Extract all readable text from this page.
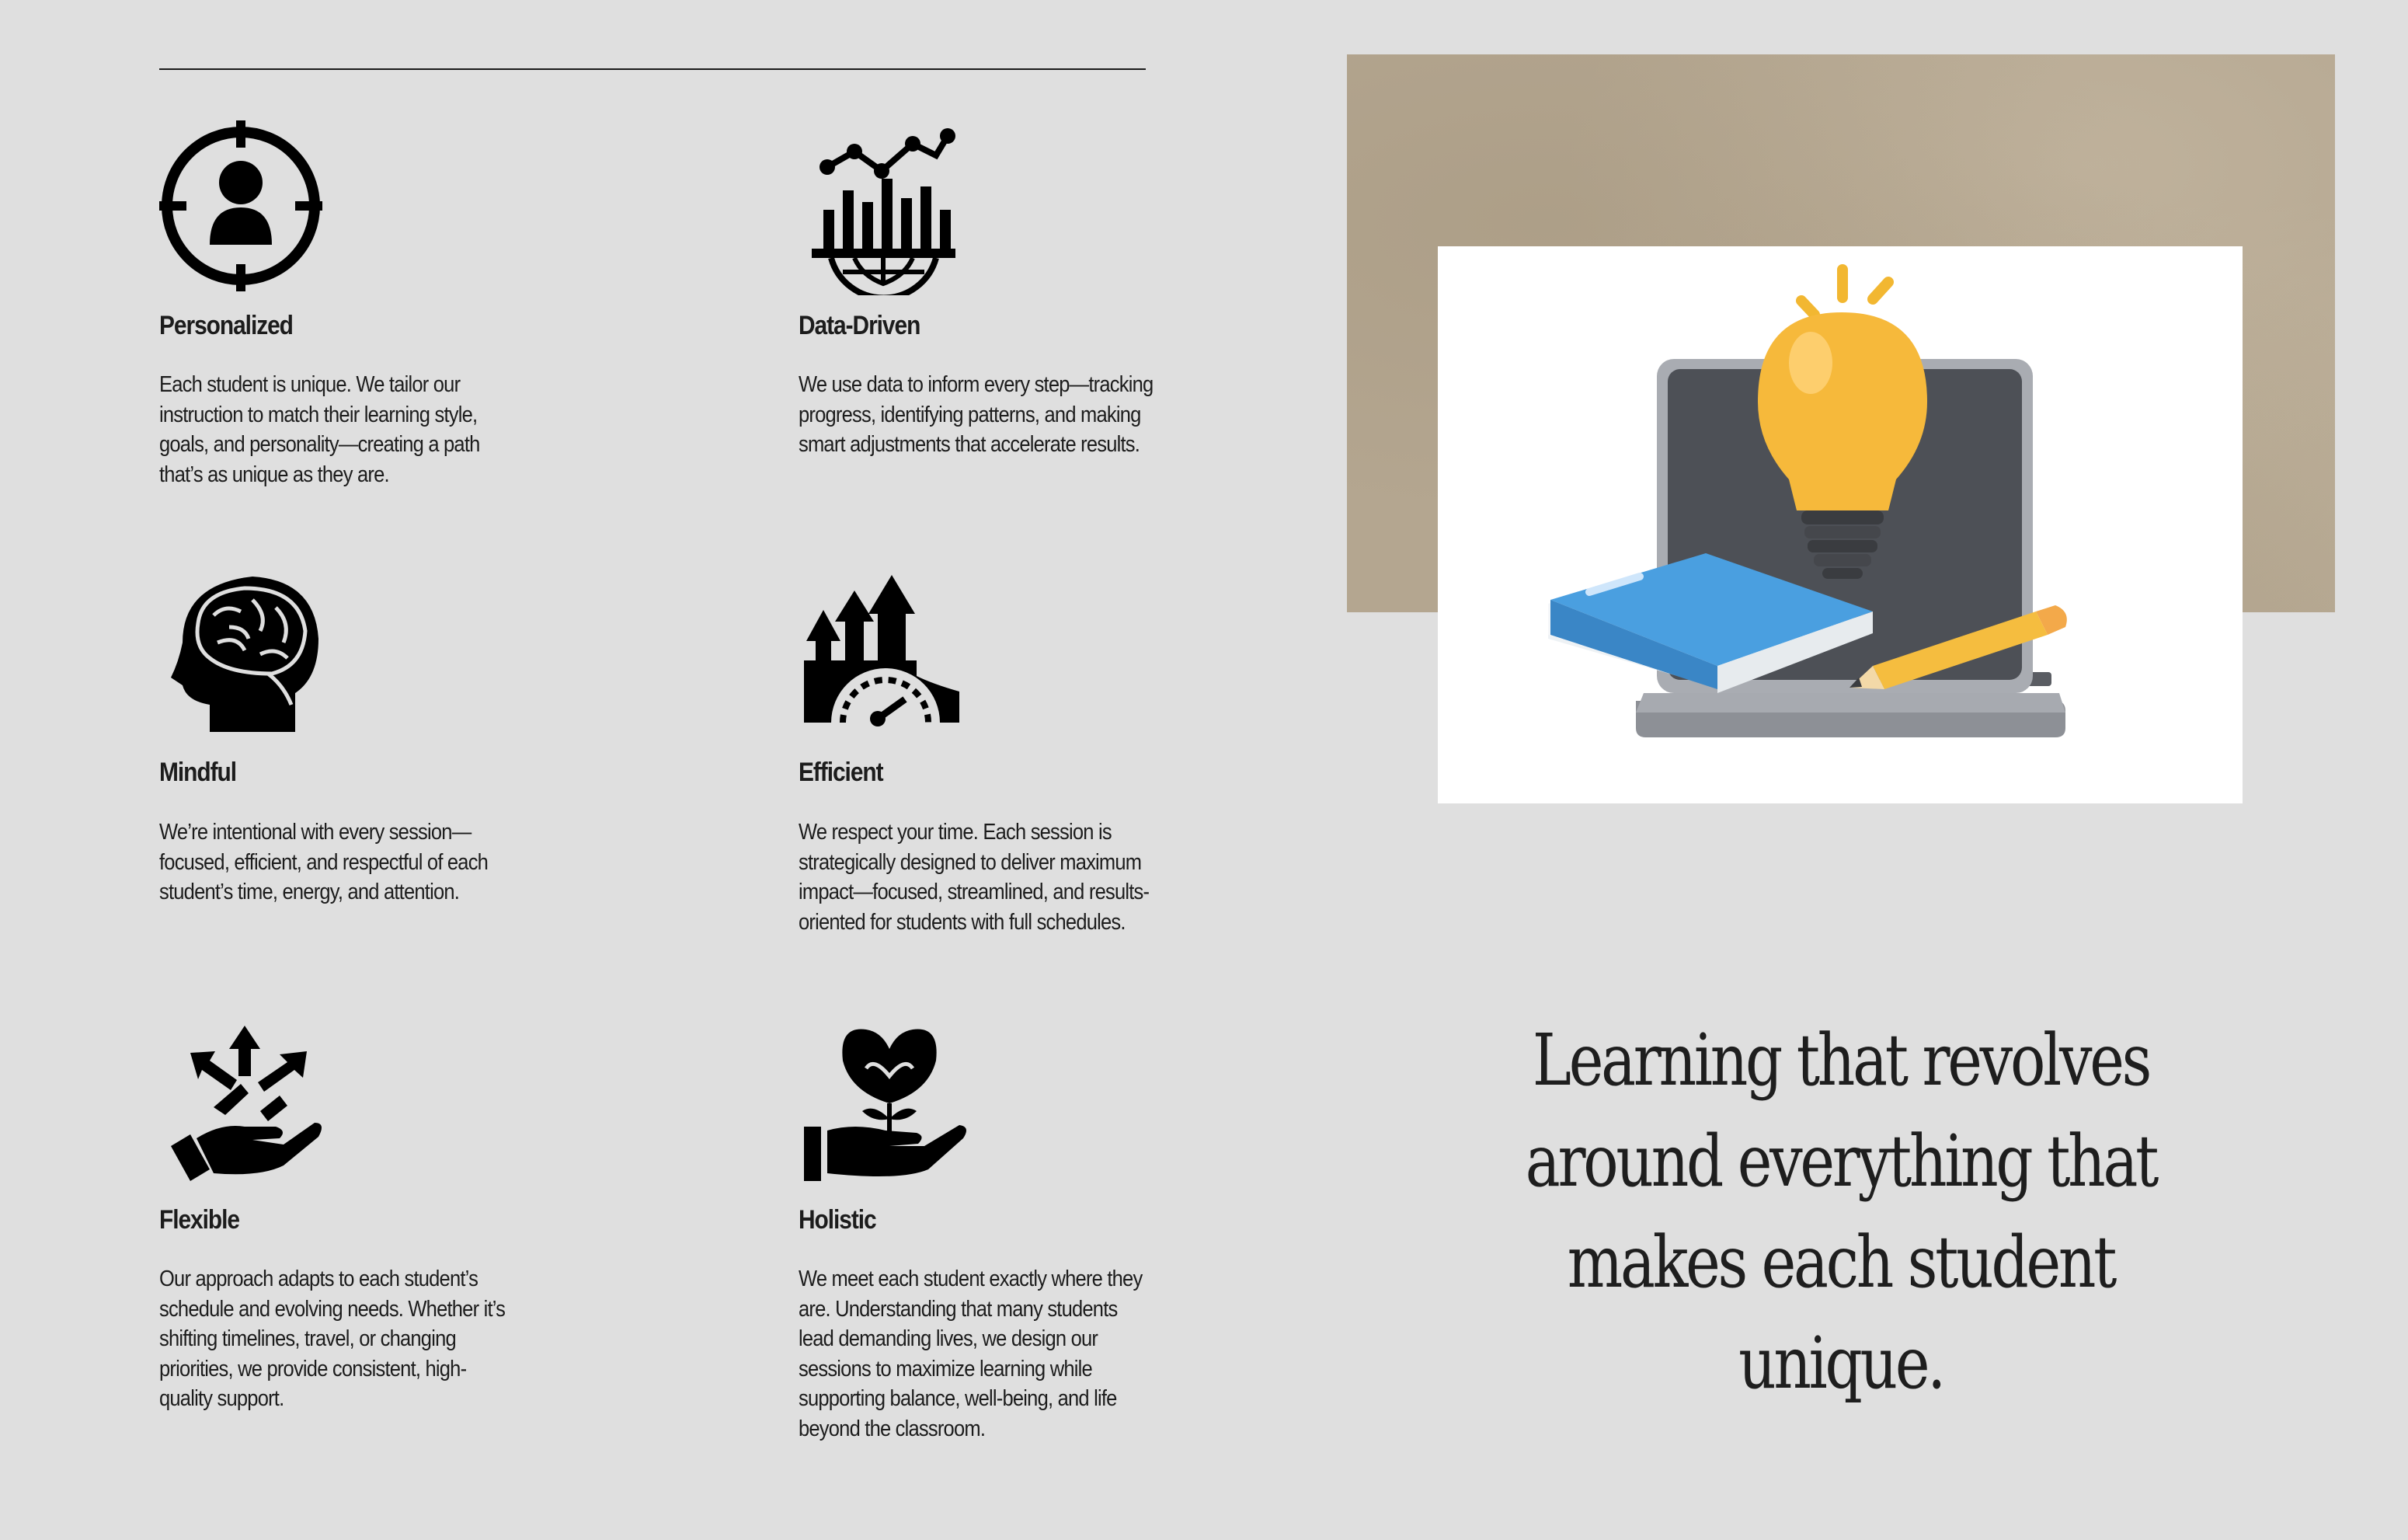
Personalized
Each student is unique. We tailor our instruction to match their learning style, goals, and personality—creating a path that’s as unique as they are.
Data-Driven
We use data to inform every step—tracking progress, identifying patterns, and making smart adjustments that accelerate results.
Mindful
We’re intentional with every session—focused, efficient, and respectful of each student’s time, energy, and attention.
Efficient
We respect your time. Each session is strategically designed to deliver maximum impact—focused, streamlined, and results-oriented for students with full schedules.
Flexible
Our approach adapts to each student’s schedule and evolving needs. Whether it’s shifting timelines, travel, or changing priorities, we provide consistent, high-quality support.
Holistic
We meet each student exactly where they are. Understanding that many students lead demanding lives, we design our sessions to maximize learning while supporting balance, well-being, and life beyond the classroom.
Learning that revolves around everything that makes each student unique.
